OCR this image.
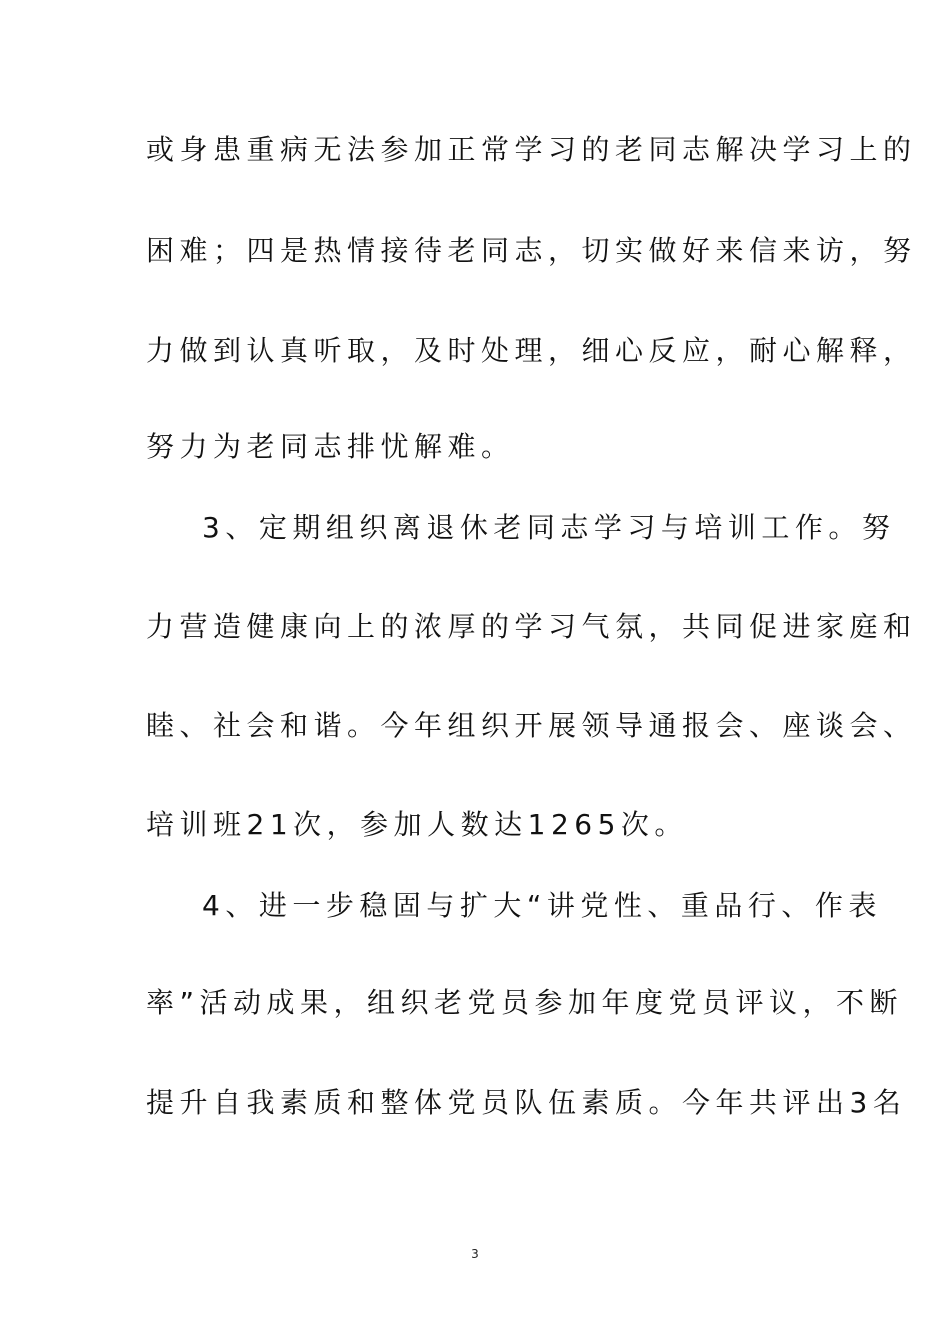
或身患重病无法参加正常学习的老同志解决学习上的
困难；四是热情接待老同志，切实做好来信来访，努
力做到认真听取，及时处理，细心反应，耐心解释，
努力为老同志排忧解难。
3、定期组织离退休老同志学习与培训工作。努
力营造健康向上的浓厚的学习气氛，共同促进家庭和
睦、社会和谐。今年组织开展领导通报会、座谈会、
培训班21次，参加人数达1265次。
4、进一步稳固与扩大“讲党性、重品行、作表
率”活动成果，组织老党员参加年度党员评议，不断
提升自我素质和整体党员队伍素质。今年共评出3名
3
